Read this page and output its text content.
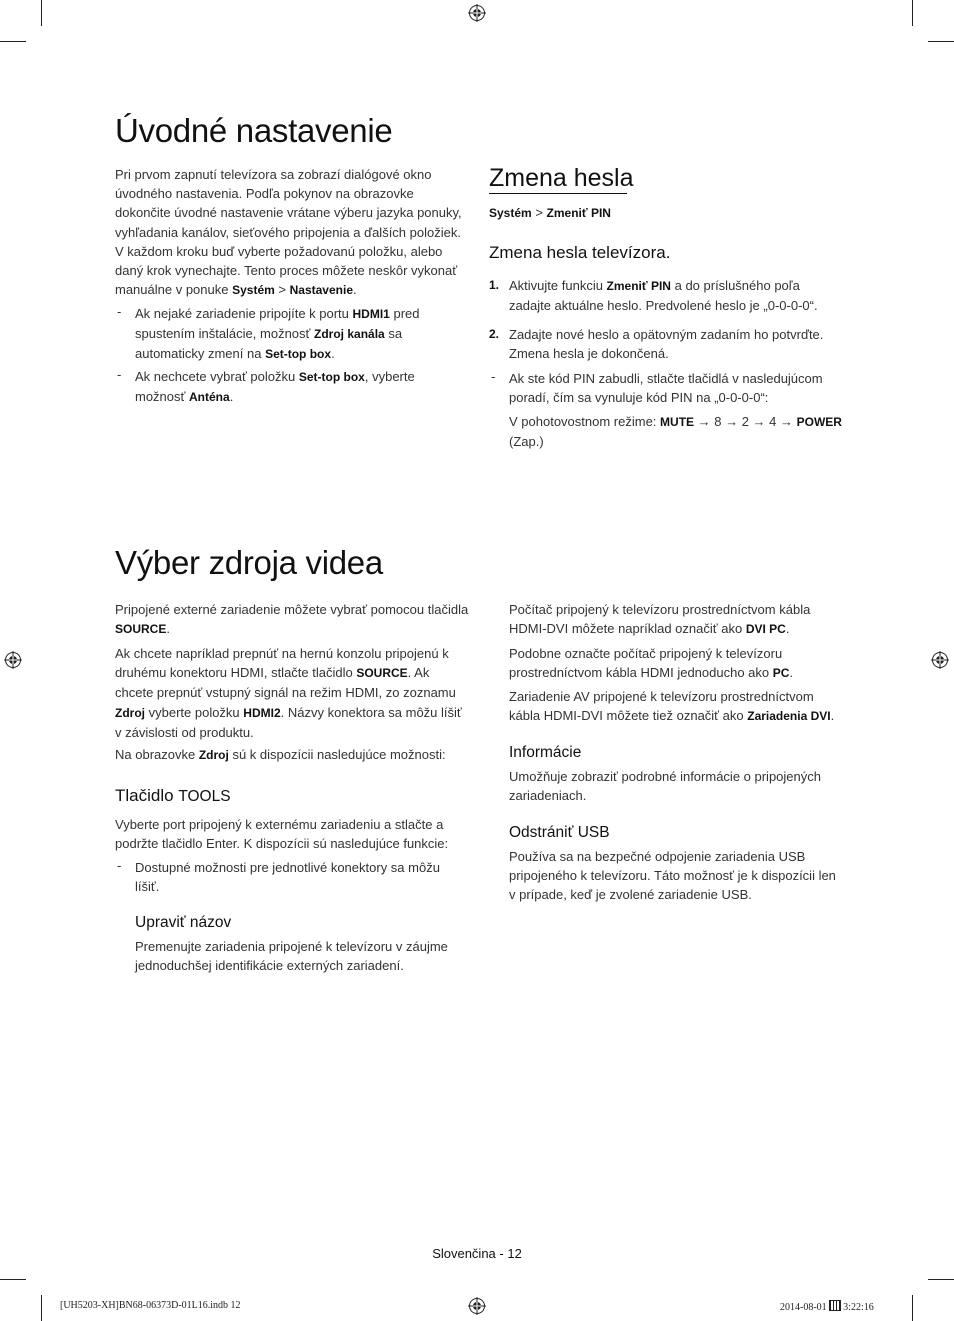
Úvodné nastavenie
Pri prvom zapnutí televízora sa zobrazí dialógové okno úvodného nastavenia. Podľa pokynov na obrazovke dokončite úvodné nastavenie vrátane výberu jazyka ponuky, vyhľadania kanálov, sieťového pripojenia a ďalších položiek. V každom kroku buď vyberte požadovanú položku, alebo daný krok vynechajte. Tento proces môžete neskôr vykonať manuálne v ponuke Systém > Nastavenie.
- Ak nejaké zariadenie pripojíte k portu HDMI1 pred spustením inštalácie, možnosť Zdroj kanála sa automaticky zmení na Set-top box.
- Ak nechcete vybrať položku Set-top box, vyberte možnosť Anténa.
Zmena hesla
Systém > Zmeniť PIN
Zmena hesla televízora.
1. Aktivujte funkciu Zmeniť PIN a do príslušného poľa zadajte aktuálne heslo. Predvolené heslo je „0-0-0-0“.
2. Zadajte nové heslo a opätovným zadaním ho potvrďte. Zmena hesla je dokončená.
- Ak ste kód PIN zabudli, stlačte tlačidlá v nasledujúcom poradí, čím sa vynuluje kód PIN na „0-0-0-0“:
V pohotovostnom režime: MUTE → 8 → 2 → 4 → POWER (Zap.)
Výber zdroja videa
Pripojené externé zariadenie môžete vybrať pomocou tlačidla SOURCE.
Ak chcete napríklad prepnúť na hernú konzolu pripojenú k druhému konektoru HDMI, stlačte tlačidlo SOURCE. Ak chcete prepnúť vstupný signál na režim HDMI, zo zoznamu Zdroj vyberte položku HDMI2. Názvy konektora sa môžu líšiť v závislosti od produktu.
Na obrazovke Zdroj sú k dispozícii nasledujúce možnosti:
Tlačidlo TOOLS
Vyberte port pripojený k externému zariadeniu a stlačte a podržte tlačidlo Enter. K dispozícii sú nasledujúce funkcie:
- Dostupné možnosti pre jednotlivé konektory sa môžu líšiť.
Upraviť názov
Premenujte zariadenia pripojené k televízoru v záujme jednoduchšej identifikácie externých zariadení.
Počítač pripojený k televízoru prostredníctvom kábla HDMI-DVI môžete napríklad označiť ako DVI PC.
Podobne označte počítač pripojený k televízoru prostredníctvom kábla HDMI jednoducho ako PC.
Zariadenie AV pripojené k televízoru prostredníctvom kábla HDMI-DVI môžete tiež označiť ako Zariadenia DVI.
Informácie
Umožňuje zobraziť podrobné informácie o pripojených zariadeniach.
Odstrániť USB
Používa sa na bezpečné odpojenie zariadenia USB pripojeného k televízoru. Táto možnosť je k dispozícii len v prípade, keď je zvolené zariadenie USB.
Slovenčina - 12
[UH5203-XH]BN68-06373D-01L16.indb 12	2014-08-01 3:22:16
